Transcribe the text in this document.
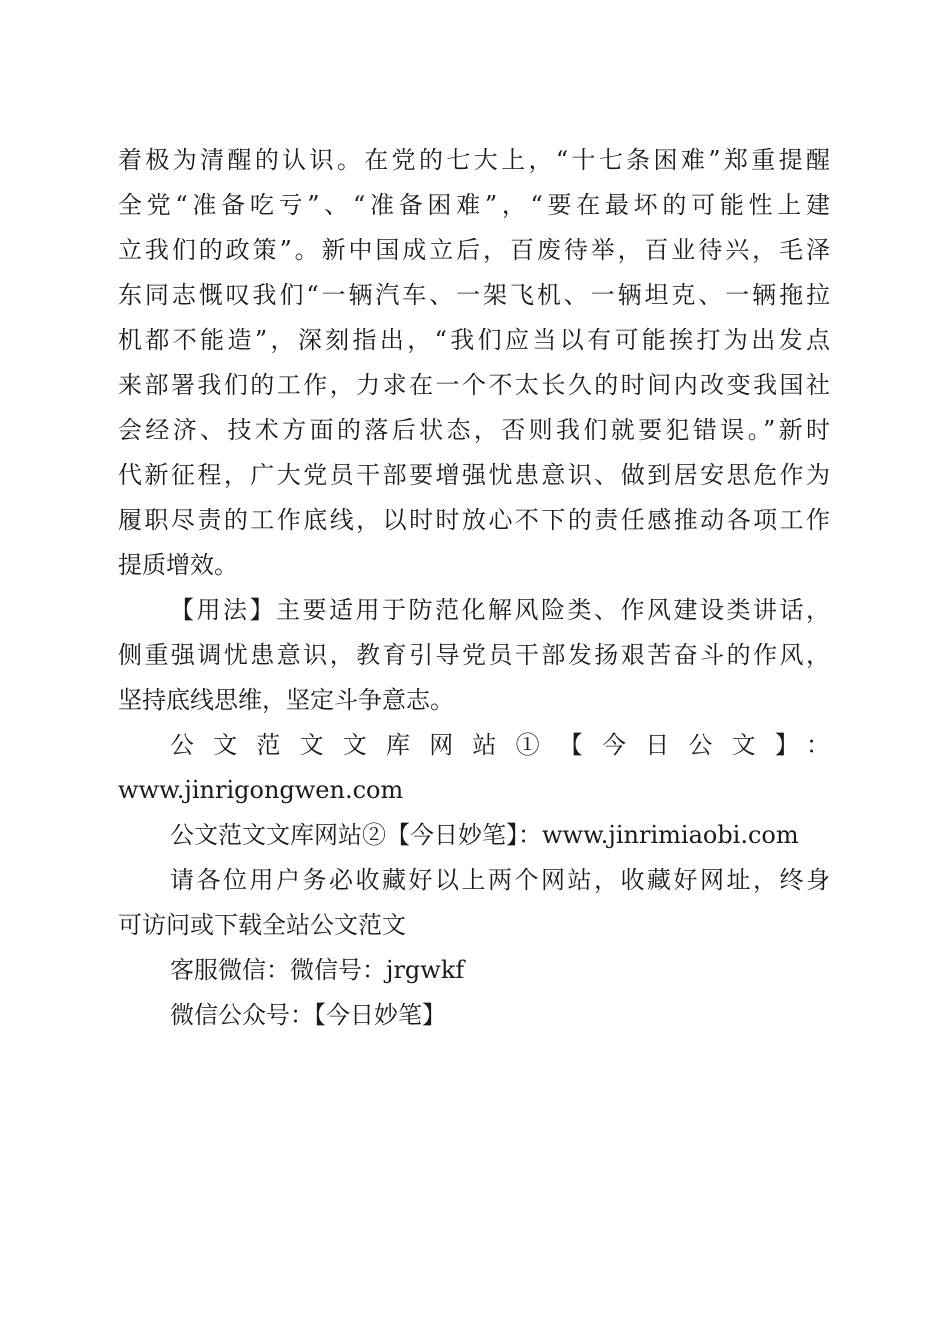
着极为清醒的认识。在党的七大上，“十七条困难”郑重提醒
全党“准备吃亏”、“准备困难”，“要在最坏的可能性上建
立我们的政策”。新中国成立后，百废待举，百业待兴，毛泽
东同志慨叹我们“一辆汽车、一架飞机、一辆坦克、一辆拖拉
机都不能造”，深刻指出，“我们应当以有可能挨打为出发点
来部署我们的工作，力求在一个不太长久的时间内改变我国社
会经济、技术方面的落后状态，否则我们就要犯错误。”新时
代新征程，广大党员干部要增强忧患意识、做到居安思危作为
履职尽责的工作底线，以时时放心不下的责任感推动各项工作
提质增效。
【用法】主要适用于防范化解风险类、作风建设类讲话，
侧重强调忧患意识，教育引导党员干部发扬艰苦奋斗的作风，
坚持底线思维，坚定斗争意志。
公文范文文库网站①【今日公文】：
www.jinrigongwen.com
公文范文文库网站②【今日妙笔】：www.jinrimiaobi.com
请各位用户务必收藏好以上两个网站，收藏好网址，终身
可访问或下载全站公文范文
客服微信：微信号：jrgwkf
微信公众号：【今日妙笔】
